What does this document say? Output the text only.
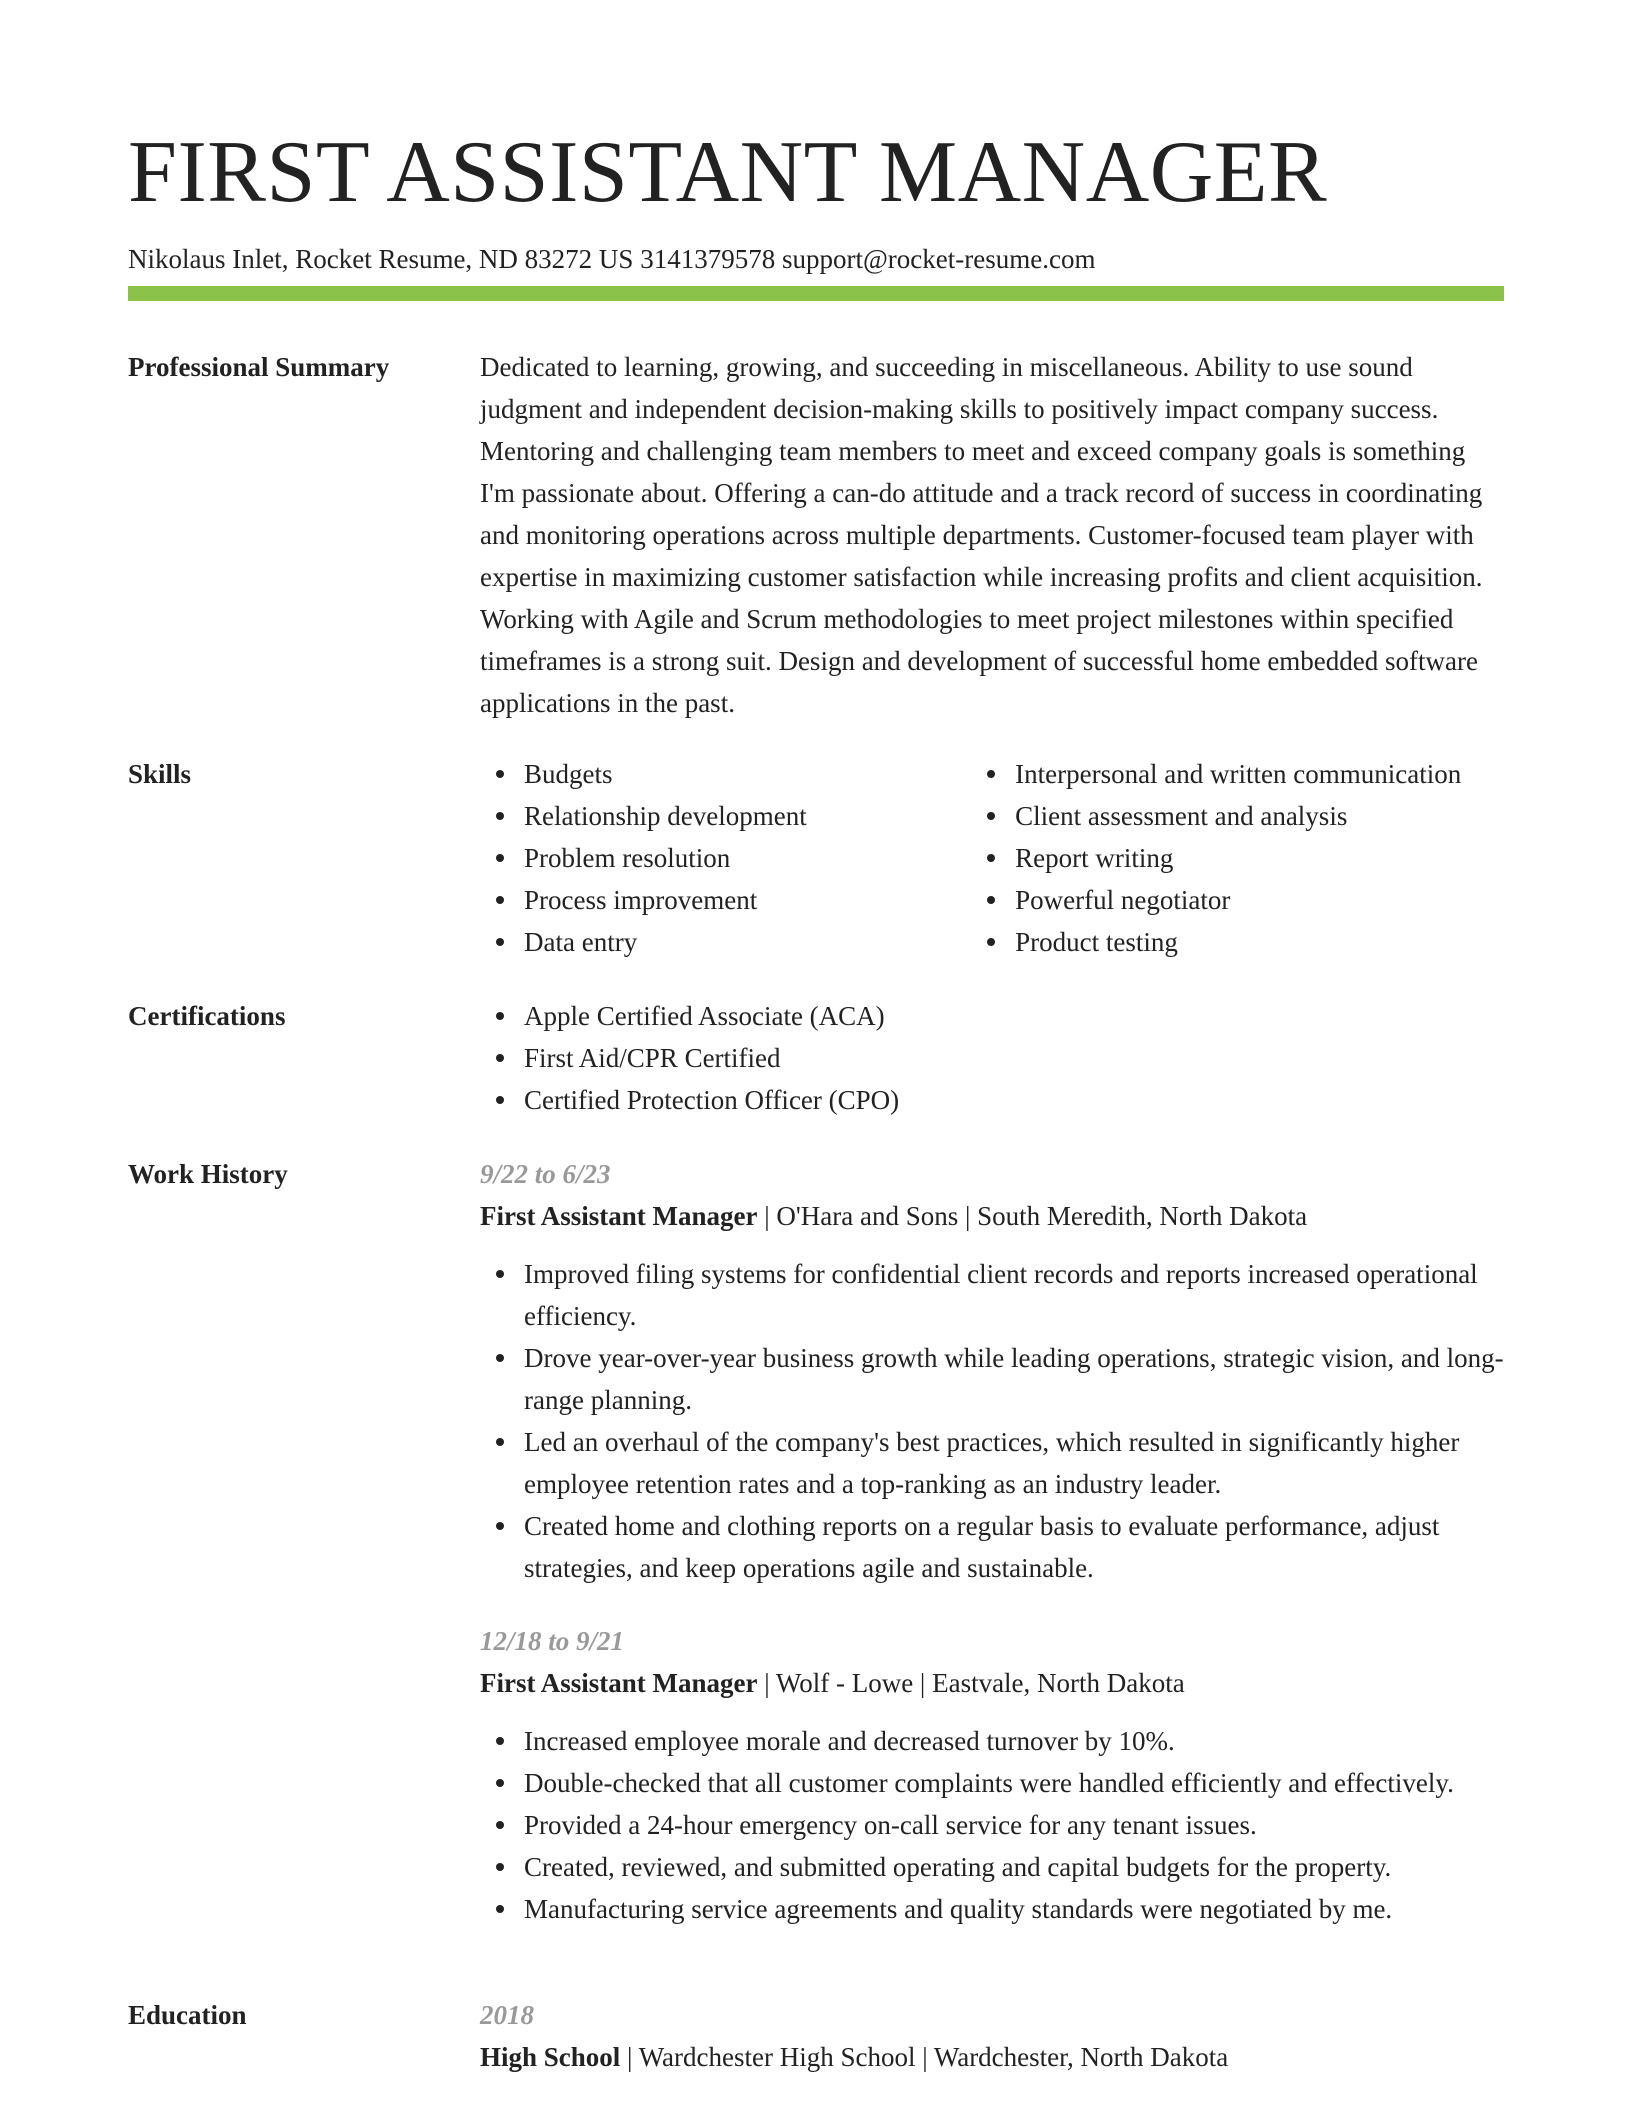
FIRST ASSISTANT MANAGER
Nikolaus Inlet, Rocket Resume, ND 83272 US 3141379578 support@rocket-resume.com
Professional Summary	Dedicated to learning, growing, and succeeding in miscellaneous. Ability to use sound judgment and independent decision-making skills to positively impact company success. Mentoring and challenging team members to meet and exceed company goals is something I'm passionate about. Offering a can-do attitude and a track record of success in coordinating and monitoring operations across multiple departments. Customer-focused team player with expertise in maximizing customer satisfaction while increasing profits and client acquisition. Working with Agile and Scrum methodologies to meet project milestones within specified timeframes is a strong suit. Design and development of successful home embedded software applications in the past.

Skills	Budgets
Relationship development
Problem resolution
Process improvement
Data entry
Interpersonal and written communication
Client assessment and analysis
Report writing
Powerful negotiator
Product testing
Certifications	Apple Certified Associate (ACA)
First Aid/CPR Certified
Certified Protection Officer (CPO)
Work History	9/22 to 6/23
First Assistant Manager | O'Hara and Sons | South Meredith, North Dakota
Improved filing systems for confidential client records and reports increased operational efficiency.
Drove year-over-year business growth while leading operations, strategic vision, and long-range planning.
Led an overhaul of the company's best practices, which resulted in significantly higher employee retention rates and a top-ranking as an industry leader.
Created home and clothing reports on a regular basis to evaluate performance, adjust strategies, and keep operations agile and sustainable.
12/18 to 9/21
First Assistant Manager | Wolf - Lowe | Eastvale, North Dakota
Increased employee morale and decreased turnover by 10%.
Double-checked that all customer complaints were handled efficiently and effectively.
Provided a 24-hour emergency on-call service for any tenant issues.
Created, reviewed, and submitted operating and capital budgets for the property.
Manufacturing service agreements and quality standards were negotiated by me.
Education	2018
High School | Wardchester High School | Wardchester, North Dakota
